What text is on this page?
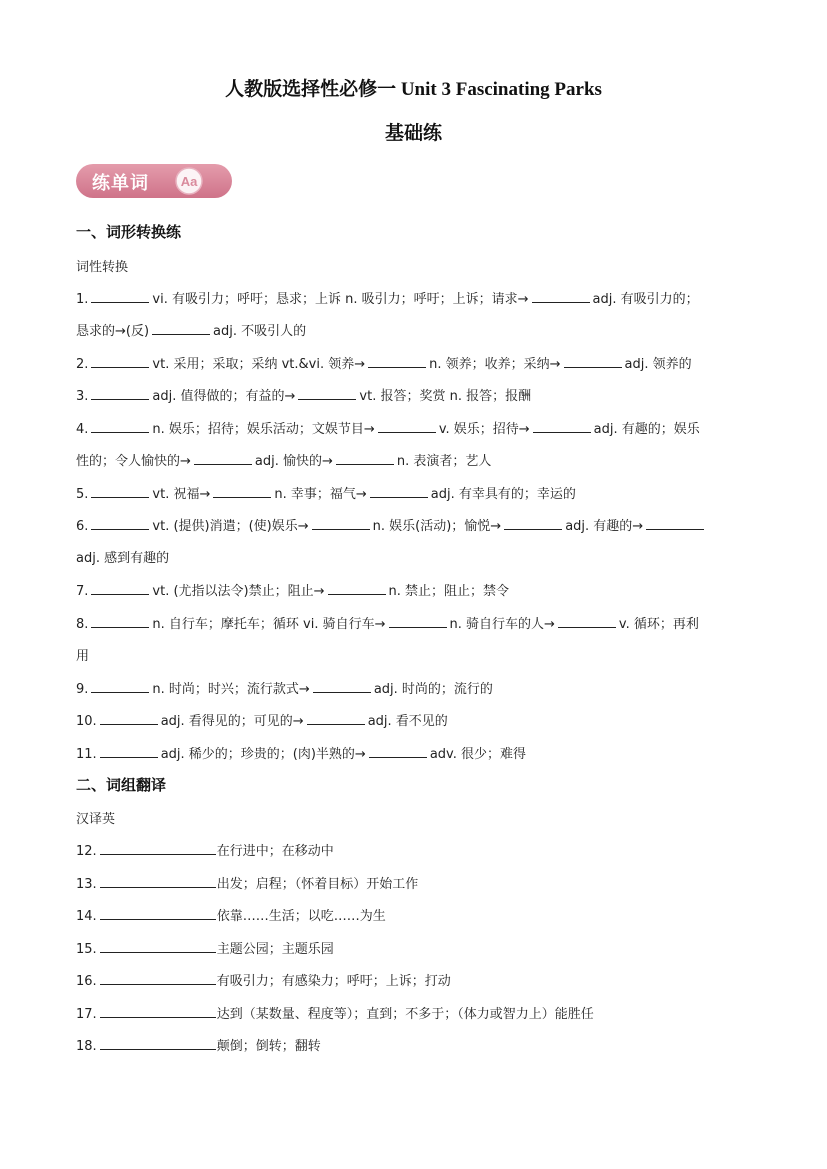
人教版选择性必修一 Unit 3 Fascinating Parks
基础练
练单词 Aa
一、词形转换练
词性转换
1.	vi. 有吸引力；呼吁；恳求；上诉 n. 吸引力；呼吁；上诉；请求→	adj. 有吸引力的；
恳求的→(反)	adj. 不吸引人的
2.	vt. 采用；采取；采纳 vt.&vi. 领养→	n. 领养；收养；采纳→	adj. 领养的
3.	adj. 值得做的；有益的→	vt. 报答；奖赏 n. 报答；报酬
4.	n. 娱乐；招待；娱乐活动；文娱节目→	v. 娱乐；招待→	adj. 有趣的；娱乐
性的；令人愉快的→	adj. 愉快的→	n. 表演者；艺人
5.	vt. 祝福→	n. 幸事；福气→	adj. 有幸具有的；幸运的
6.	vt. (提供)消遣；(使)娱乐→	n. 娱乐(活动)；愉悦→	adj. 有趣的→
adj. 感到有趣的
7.	vt. (尤指以法令)禁止；阻止→	n. 禁止；阻止；禁令
8.	n. 自行车；摩托车；循环 vi. 骑自行车→	n. 骑自行车的人→	v. 循环；再利
用
9.	n. 时尚；时兴；流行款式→	adj. 时尚的；流行的
10.	adj. 看得见的；可见的→	adj. 看不见的
11.	adj. 稀少的；珍贵的；(肉)半熟的→	adv. 很少；难得
二、词组翻译
汉译英
12.	在行进中；在移动中
13.	出发；启程；（怀着目标）开始工作
14.	依靠……生活；以吃……为生
15.	主题公园；主题乐园
16.	有吸引力；有感染力；呼吁；上诉；打动
17.	达到（某数量、程度等）；直到；不多于；（体力或智力上）能胜任
18.	颠倒；倒转；翻转
